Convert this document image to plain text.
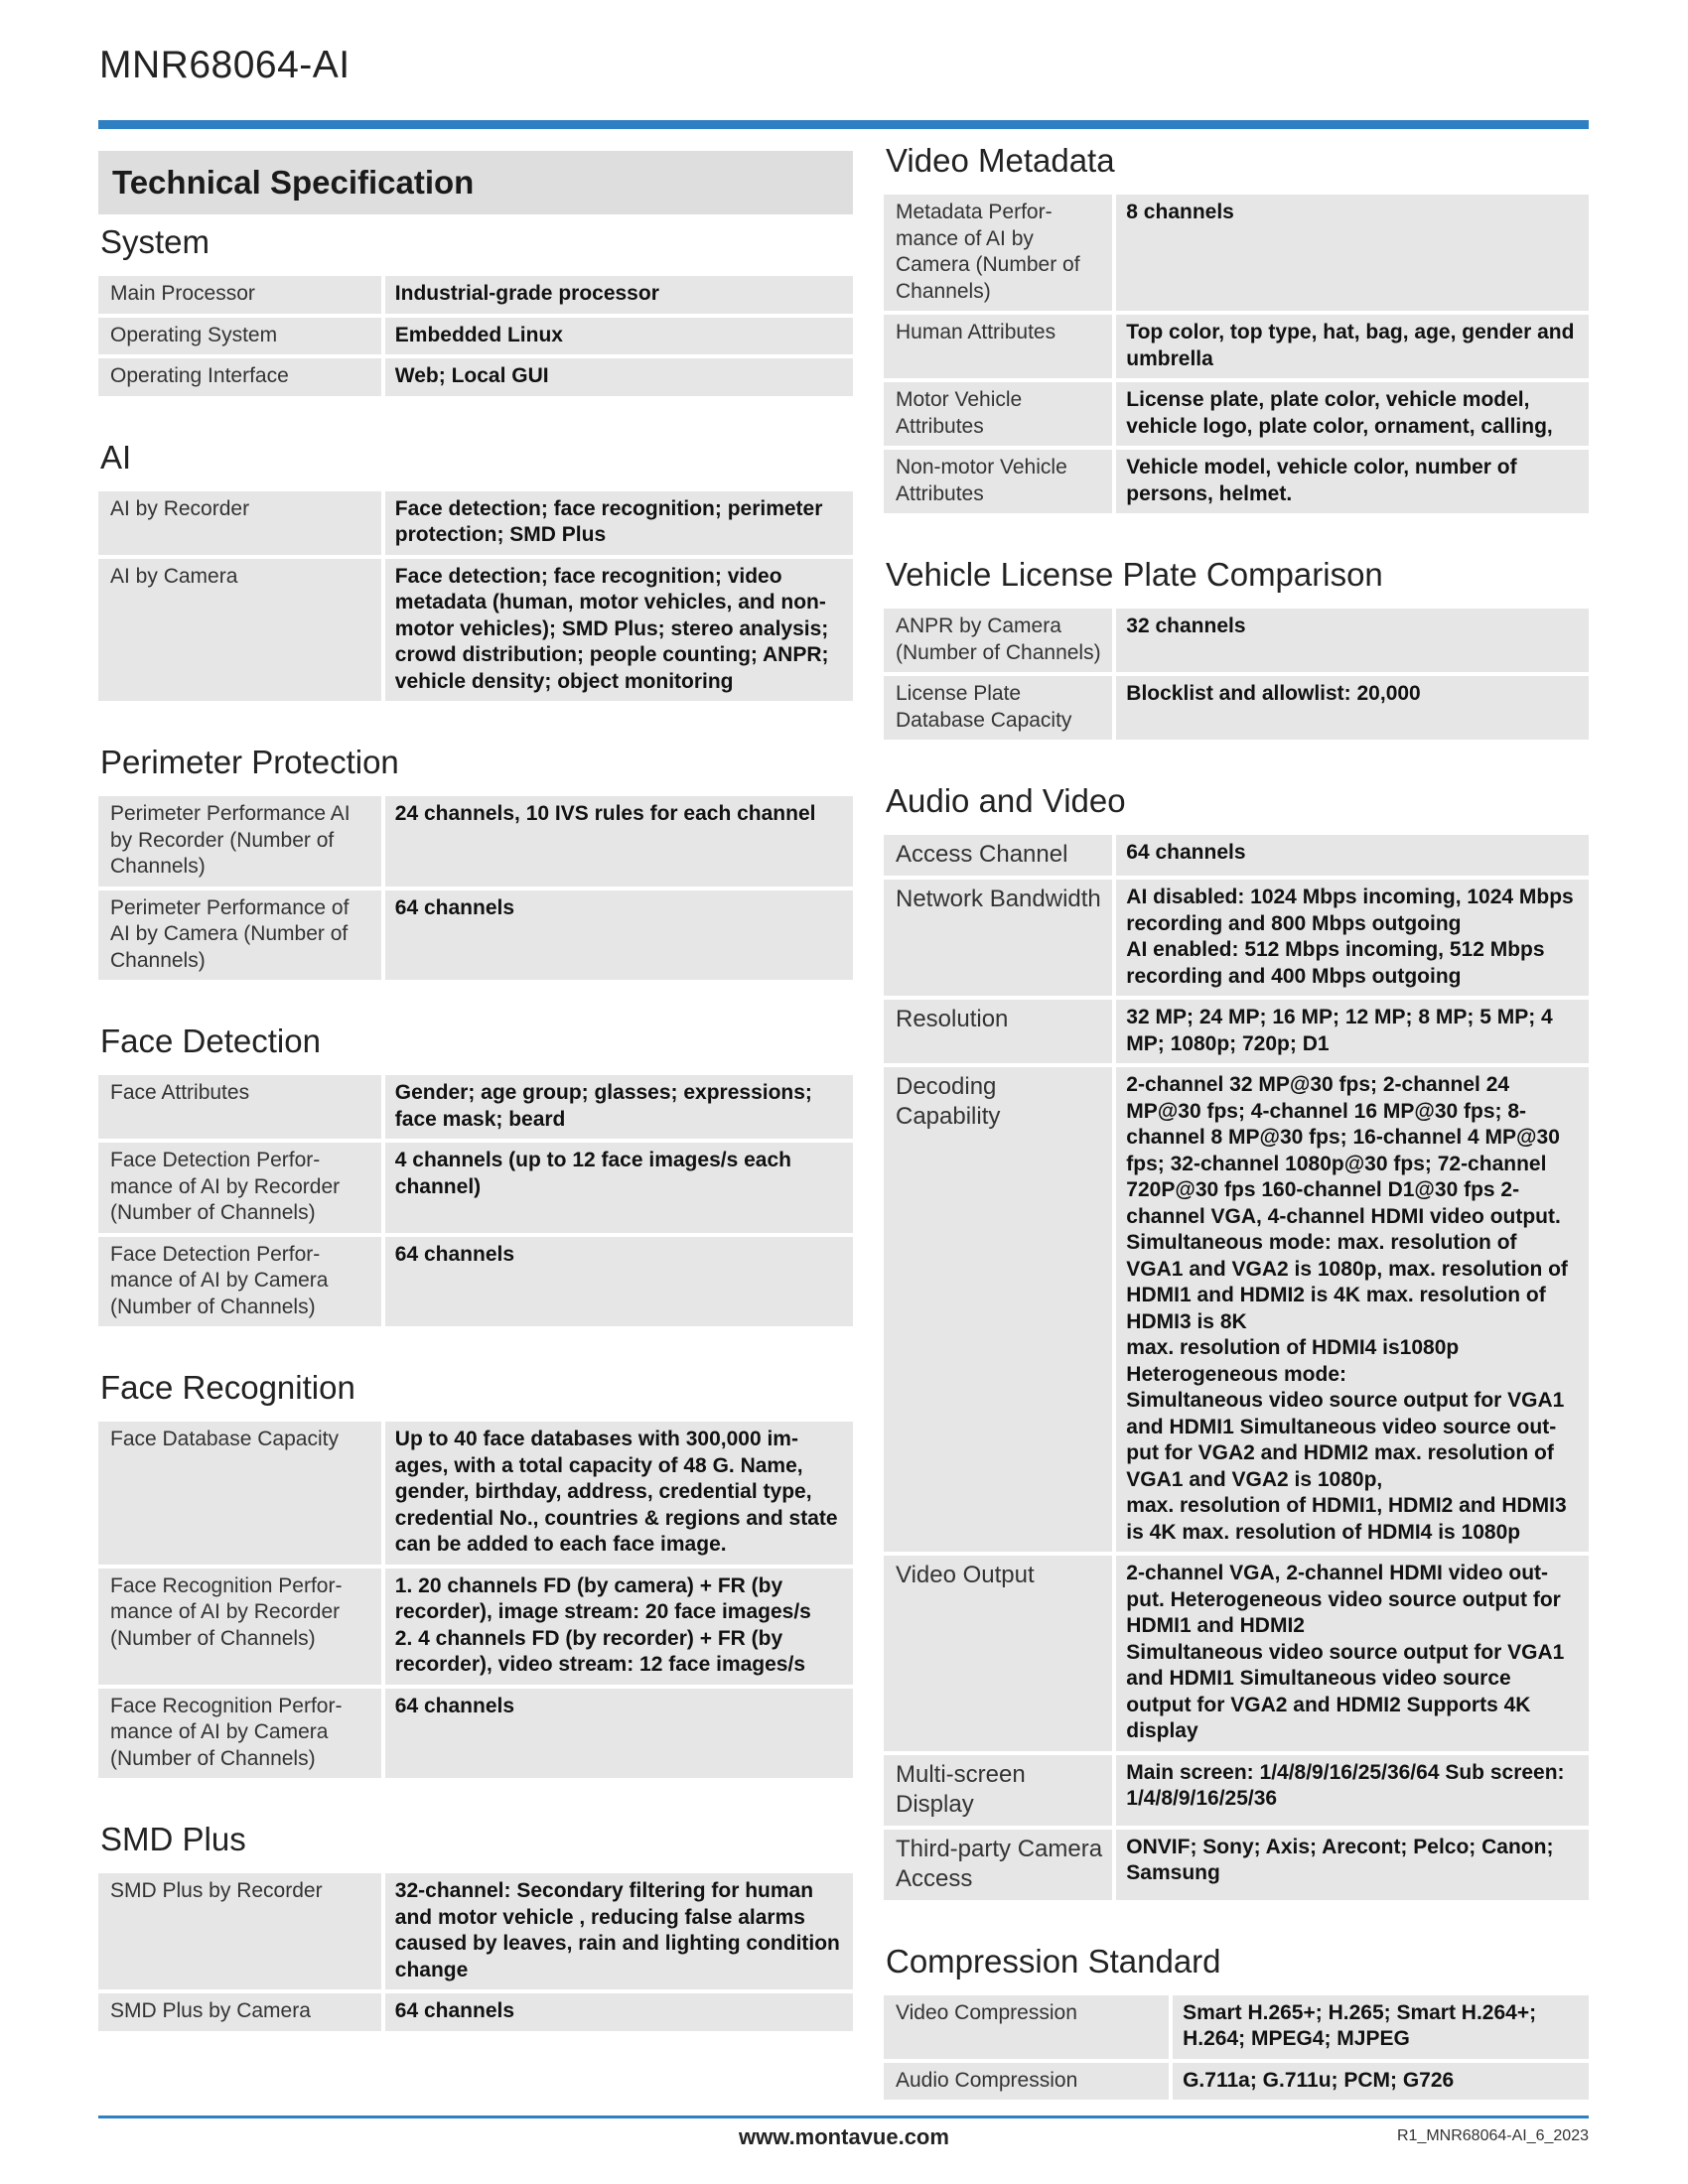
MNR68064-AI
Technical Specification
System
Main Processor	Industrial-grade processor
Operating System	Embedded Linux
Operating Interface	Web; Local GUI
AI
AI by Recorder	Face detection; face recognition; perimeter protection; SMD Plus
AI by Camera	Face detection; face recognition; video metadata (human, motor vehicles, and non-motor vehicles); SMD Plus; stereo analysis; crowd distribution; people counting; ANPR; vehicle density; object monitoring
Perimeter Protection
Perimeter Performance AI by Recorder (Number of Channels)	24 channels, 10 IVS rules for each channel
Perimeter Performance of AI by Camera (Number of Channels)	64 channels
Face Detection
Face Attributes	Gender; age group; glasses; expressions; face mask; beard
Face Detection Performance of AI by Recorder (Number of Channels)	4 channels (up to 12 face images/s each channel)
Face Detection Performance of AI by Camera (Number of Channels)	64 channels
Face Recognition
Face Database Capacity	Up to 40 face databases with 300,000 images, with a total capacity of 48 G. Name, gender, birthday, address, credential type, credential No., countries & regions and state can be added to each face image.
Face Recognition Performance of AI by Recorder (Number of Channels)	1. 20 channels FD (by camera) + FR (by recorder), image stream: 20 face images/s
2. 4 channels FD (by recorder) + FR (by recorder), video stream: 12 face images/s
Face Recognition Performance of AI by Camera (Number of Channels)	64 channels
SMD Plus
SMD Plus by Recorder	32-channel: Secondary filtering for human and motor vehicle , reducing false alarms caused by leaves, rain and lighting condition change
SMD Plus by Camera	64 channels
Video Metadata
Metadata Performance of AI by Camera (Number of Channels)	8 channels
Human Attributes	Top color, top type, hat, bag, age, gender and umbrella
Motor Vehicle Attributes	License plate, plate color, vehicle model, vehicle logo, plate color, ornament, calling,
Non-motor Vehicle Attributes	Vehicle model, vehicle color, number of persons, helmet.
Vehicle License Plate Comparison
ANPR by Camera (Number of Channels)	32 channels
License Plate Database Capacity	Blocklist and allowlist: 20,000
Audio and Video
Access Channel	64 channels
Network Bandwidth	AI disabled: 1024 Mbps incoming, 1024 Mbps recording and 800 Mbps outgoing
AI enabled: 512 Mbps incoming, 512 Mbps recording and 400 Mbps outgoing
Resolution	32 MP; 24 MP; 16 MP; 12 MP; 8 MP; 5 MP; 4 MP; 1080p; 720p; D1
Decoding Capability	2-channel 32 MP@30 fps; 2-channel 24 MP@30 fps; 4-channel 16 MP@30 fps; 8-channel 8 MP@30 fps; 16-channel 4 MP@30 fps; 32-channel 1080p@30 fps; 72-channel 720P@30 fps 160-channel D1@30 fps 2-channel VGA, 4-channel HDMI video output. Simultaneous mode: max. resolution of VGA1 and VGA2 is 1080p, max. resolution of HDMI1 and HDMI2 is 4K max. resolution of HDMI3 is 8K
max. resolution of HDMI4 is1080p
Heterogeneous mode:
Simultaneous video source output for VGA1 and HDMI1 Simultaneous video source output for VGA2 and HDMI2 max. resolution of VGA1 and VGA2 is 1080p,
max. resolution of HDMI1, HDMI2 and HDMI3 is 4K max. resolution of HDMI4 is 1080p
Video Output	2-channel VGA, 2-channel HDMI video output. Heterogeneous video source output for HDMI1 and HDMI2
Simultaneous video source output for VGA1 and HDMI1 Simultaneous video source output for VGA2 and HDMI2 Supports 4K display
Multi-screen Display	Main screen: 1/4/8/9/16/25/36/64 Sub screen: 1/4/8/9/16/25/36
Third-party Camera Access	ONVIF; Sony; Axis; Arecont; Pelco; Canon; Samsung
Compression Standard
Video Compression	Smart H.265+; H.265; Smart H.264+; H.264; MPEG4; MJPEG
Audio Compression	G.711a; G.711u; PCM; G726
www.montavue.com	R1_MNR68064-AI_6_2023
